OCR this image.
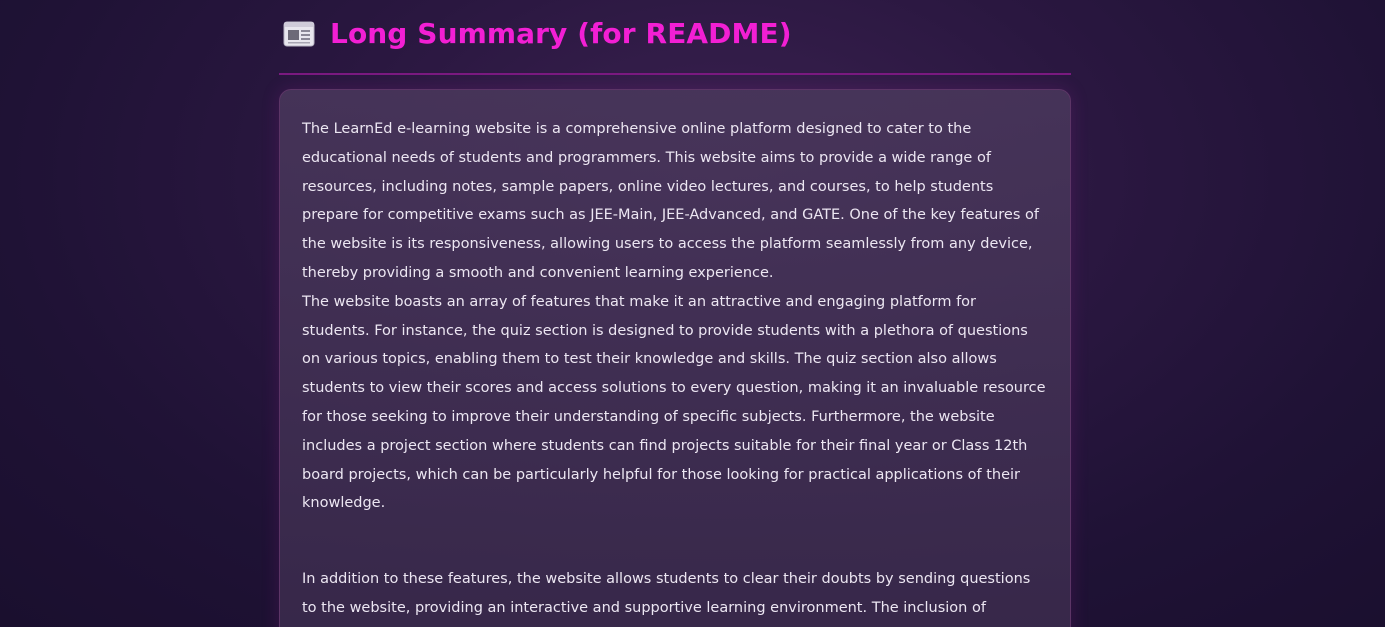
Long Summary (for README)

The LearnEd e-learning website is a comprehensive online platform designed to cater to the educational needs of students and programmers. This website aims to provide a wide range of resources, including notes, sample papers, online video lectures, and courses, to help students prepare for competitive exams such as JEE-Main, JEE-Advanced, and GATE. One of the key features of the website is its responsiveness, allowing users to access the platform seamlessly from any device, thereby providing a smooth and convenient learning experience.

The website boasts an array of features that make it an attractive and engaging platform for students. For instance, the quiz section is designed to provide students with a plethora of questions on various topics, enabling them to test their knowledge and skills. The quiz section also allows students to view their scores and access solutions to every question, making it an invaluable resource for those seeking to improve their understanding of specific subjects. Furthermore, the website includes a project section where students can find projects suitable for their final year or Class 12th board projects, which can be particularly helpful for those looking for practical applications of their knowledge.

In addition to these features, the website allows students to clear their doubts by sending questions to the website, providing an interactive and supportive learning environment. The inclusion of
